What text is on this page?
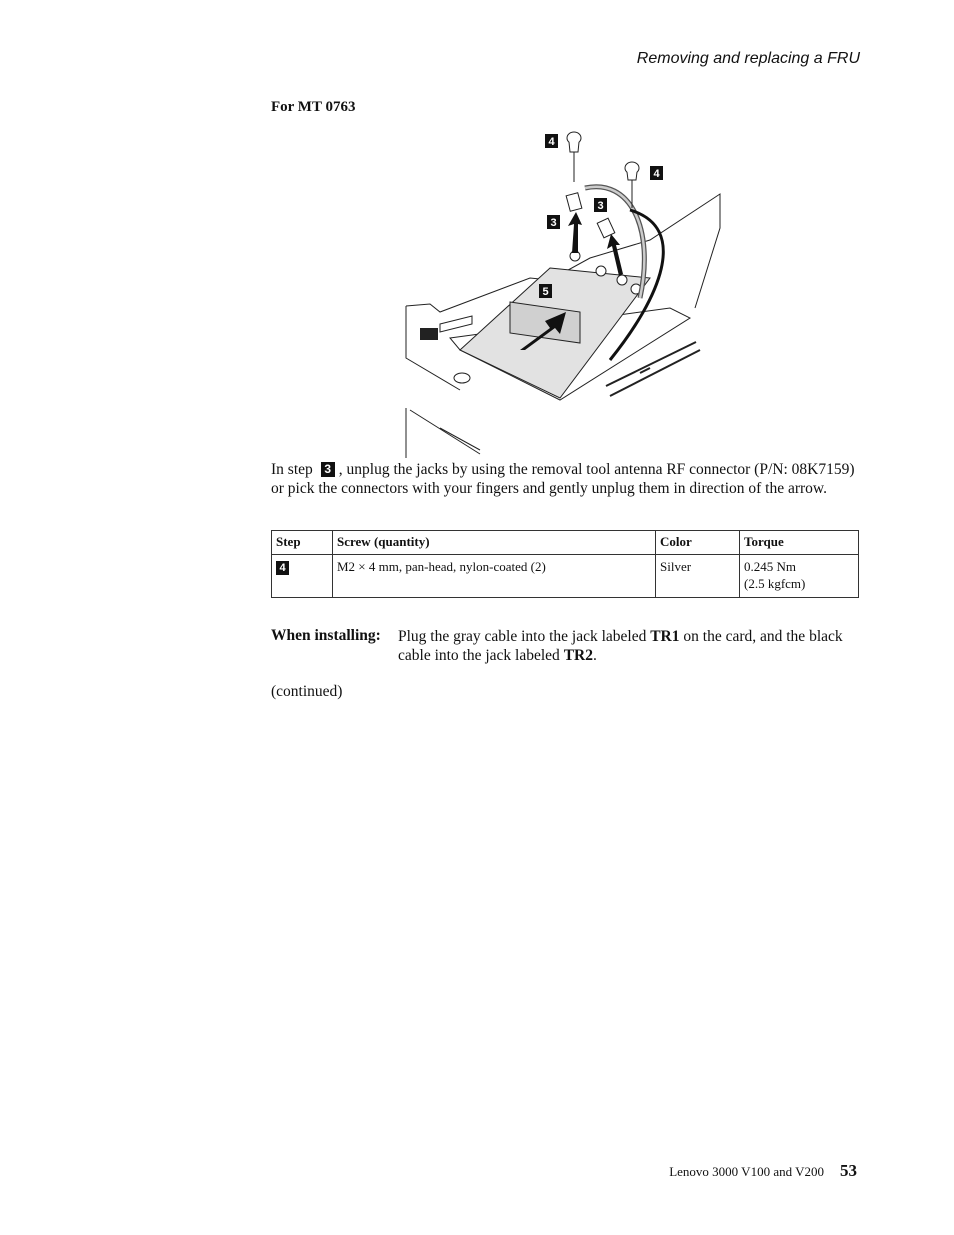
Removing and replacing a FRU
For MT 0763
4
4
3
3
5
In step 3 , unplug the jacks by using the removal tool antenna RF connector (P/N: 08K7159) or pick the connectors with your fingers and gently unplug them in direction of the arrow.
Step	Screw (quantity)	Color	Torque
4	M2 × 4 mm, pan-head, nylon-coated (2)	Silver	0.245 Nm
(2.5 kgfcm)
When installing: Plug the gray cable into the jack labeled TR1 on the card, and the black cable into the jack labeled TR2.
(continued)
Lenovo 3000 V100 and V200 53
